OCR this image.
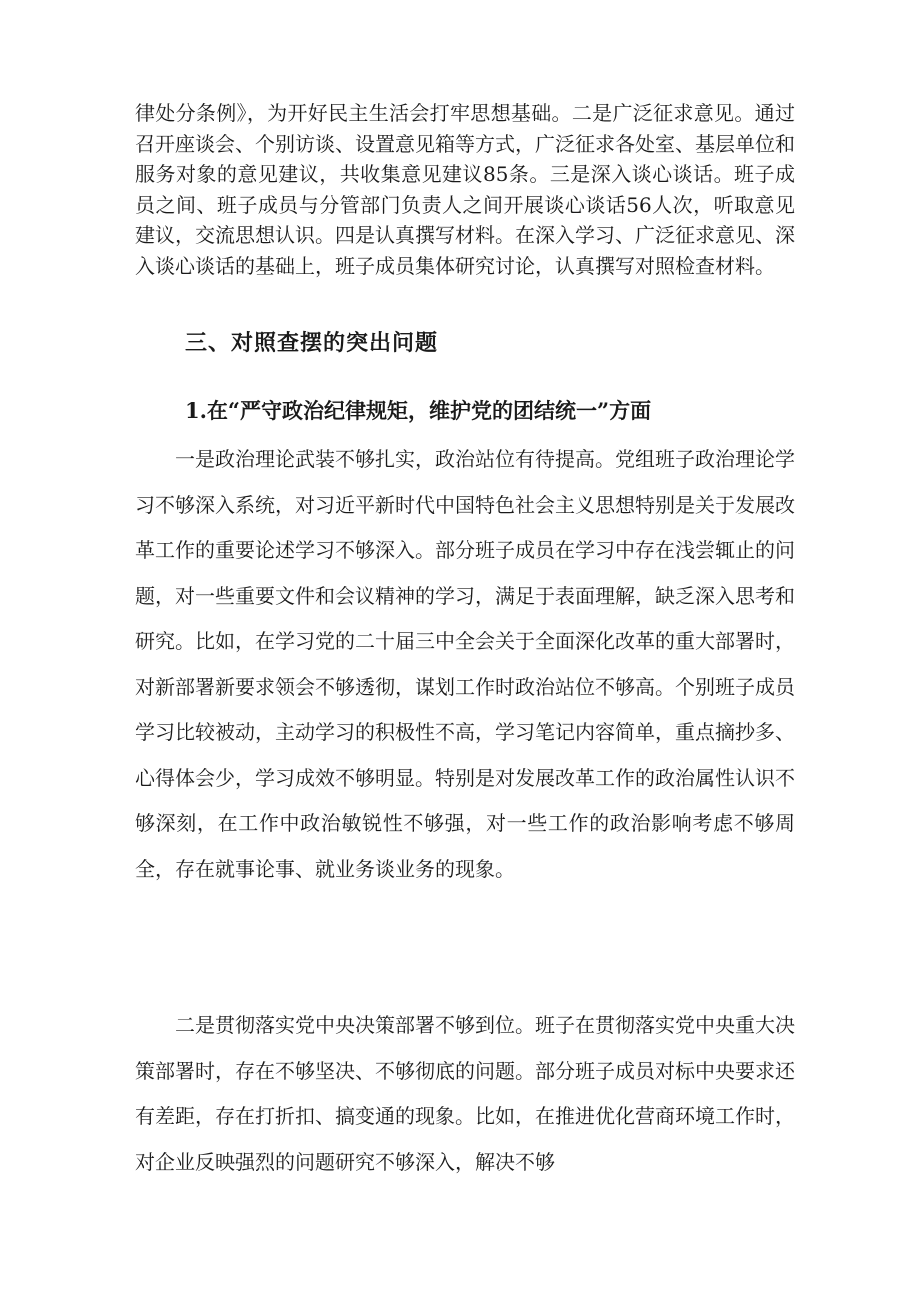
律处分条例》，为开好民主生活会打牢思想基础。二是广泛征求意见。通过召开座谈会、个别访谈、设置意见箱等方式，广泛征求各处室、基层单位和服务对象的意见建议，共收集意见建议85条。三是深入谈心谈话。班子成员之间、班子成员与分管部门负责人之间开展谈心谈话56人次，听取意见建议，交流思想认识。四是认真撰写材料。在深入学习、广泛征求意见、深入谈心谈话的基础上，班子成员集体研究讨论，认真撰写对照检查材料。

三、对照查摆的突出问题
1.在“严守政治纪律规矩，维护党的团结统一”方面

一是政治理论武装不够扎实，政治站位有待提高。党组班子政治理论学习不够深入系统，对习近平新时代中国特色社会主义思想特别是关于发展改革工作的重要论述学习不够深入。部分班子成员在学习中存在浅尝辄止的问题，对一些重要文件和会议精神的学习，满足于表面理解，缺乏深入思考和研究。比如，在学习党的二十届三中全会关于全面深化改革的重大部署时，对新部署新要求领会不够透彻，谋划工作时政治站位不够高。个别班子成员学习比较被动，主动学习的积极性不高，学习笔记内容简单，重点摘抄多、心得体会少，学习成效不够明显。特别是对发展改革工作的政治属性认识不够深刻，在工作中政治敏锐性不够强，对一些工作的政治影响考虑不够周全，存在就事论事、就业务谈业务的现象。

二是贯彻落实党中央决策部署不够到位。班子在贯彻落实党中央重大决策部署时，存在不够坚决、不够彻底的问题。部分班子成员对标中央要求还有差距，存在打折扣、搞变通的现象。比如，在推进优化营商环境工作时，对企业反映强烈的问题研究不够深入，解决不够
